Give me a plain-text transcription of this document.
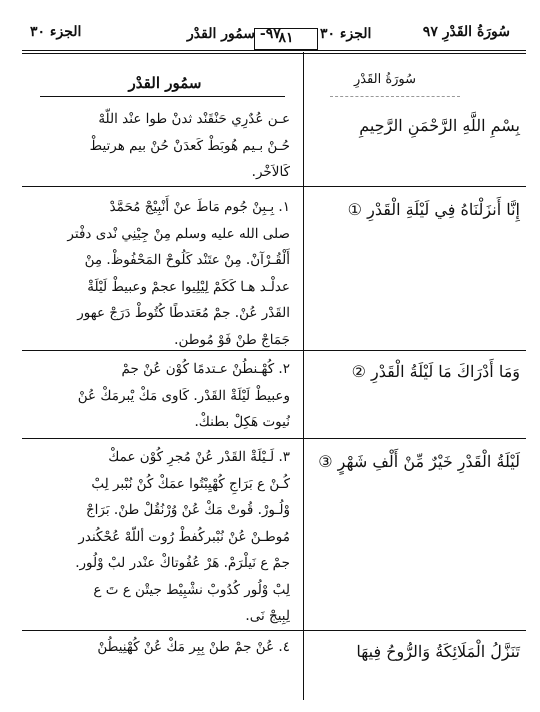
سُورَةُ القَدْرِ ٩٧
الجزء ٣٠
٨١
٩٧- سمُور القدْر
الجزء ٣٠
سُورَةُ القَدْرِ
سمُور القدْر
بِسْمِ اللَّهِ الرَّحْمَنِ الرَّحِيمِ
عـن عُدٌرِي حَنْقَنْد ثدنْ طوا عنْد اللّهْ
حُـنْ بـيم هُوبَطْ كَعدَنْ حُنْ بيم هرتيطْ
كَالاَخْر.
إِنَّا أَنزَلْنَاهُ فِي لَيْلَةِ الْقَدْرِ ①
١. بِـبِنْ جُوم مَاطَ عنْ أَنْبِيْجْ مُحَمَّدْ
صلى الله عليه وسلم مِنْ جِيْنِي نْدى دفْتر
أَلْقُـرْآنْ. مِنْ عتَنْد كَلُوحْ المَحْفُوظْ. مِنْ
عدلْـد هـا كَكَمْ لِيْلِيوا عجمْ وعبيطْ لَيْلَةْ
القَدْر عُنْ. جمْ مُعَتدطًا كُتُوطْ دَرَجْ عهور
جَمَاجْ طنْ فَوْ مُوطن.
وَمَا أَدْرَاكَ مَا لَيْلَةُ الْقَدْرِ ②
٢. كُهْـنطُنْ عـتدمًا كُوْن عُنْ جمْ
وعبيطْ لَيْلَةْ القَدْر. كَاوى مَكْ يْبرمَكْ عُنْ
نُيوت هَكِلْ بطنكْ.
لَيْلَةُ الْقَدْرِ خَيْرٌ مِّنْ أَلْفِ شَهْرٍ ③
٣. لَـيْلَةْ القَدْر عُنْ مُجرِ كُوْن عمكْ
كُـنْ ع بَرَاجِ كُهْيِبْتُوا عمَكْ كُنْ نُبْبر لِبْ
وْلُـورْ. قُوتْ مَكْ عُنْ وُرْنُقُلْ طنْ. بَرَاجْ
مُوطـنْ عُنْ نُبْبركُفطْ رُوت أللّهْ عُحْكُندر
جمْ ع نَيلْرَمْ. هَرْ عُفُوتاكْ عنْدر لبْ وْلُور.
لِبْ وْلُور كُدُوبْ نشْبِيْط جيتْن ع تَ ع
لِبِيجْ نَى.
تَنَزَّلُ الْمَلَائِكَةُ وَالرُّوحُ فِيهَا
٤. عُنْ جمْ طنْ بِبِر مَكْ عُنْ كُهْنِيطُنْ
